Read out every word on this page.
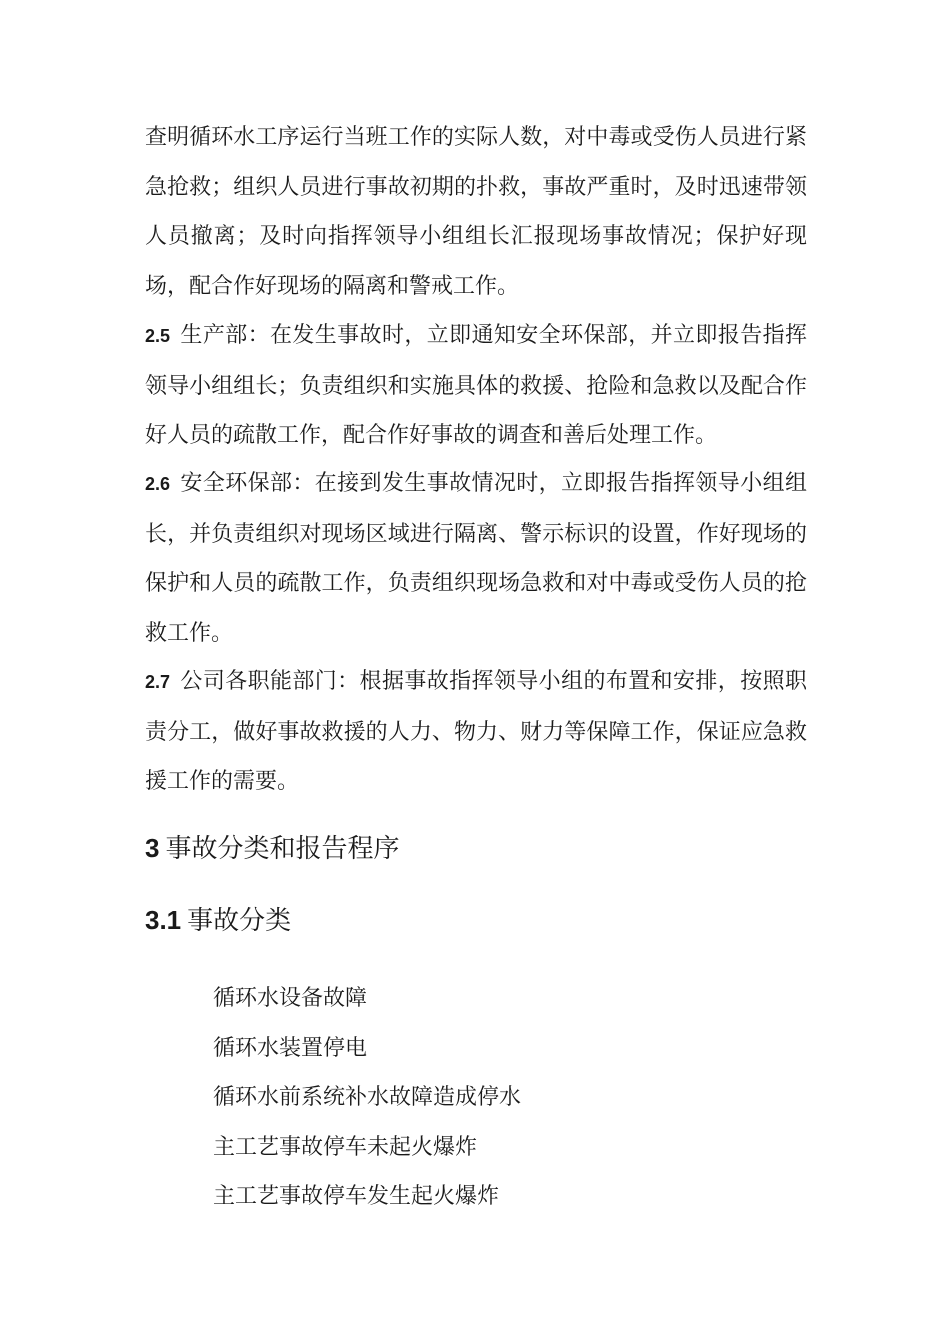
查明循环水工序运行当班工作的实际人数，对中毒或受伤人员进行紧急抢救；组织人员进行事故初期的扑救，事故严重时，及时迅速带领人员撤离；及时向指挥领导小组组长汇报现场事故情况；保护好现场，配合作好现场的隔离和警戒工作。
2.5 生产部：在发生事故时，立即通知安全环保部，并立即报告指挥领导小组组长；负责组织和实施具体的救援、抢险和急救以及配合作好人员的疏散工作，配合作好事故的调查和善后处理工作。
2.6 安全环保部：在接到发生事故情况时，立即报告指挥领导小组组长，并负责组织对现场区域进行隔离、警示标识的设置，作好现场的保护和人员的疏散工作，负责组织现场急救和对中毒或受伤人员的抢救工作。
2.7 公司各职能部门：根据事故指挥领导小组的布置和安排，按照职责分工，做好事故救援的人力、物力、财力等保障工作，保证应急救援工作的需要。
3 事故分类和报告程序
3.1 事故分类
循环水设备故障
循环水装置停电
循环水前系统补水故障造成停水
主工艺事故停车未起火爆炸
主工艺事故停车发生起火爆炸
